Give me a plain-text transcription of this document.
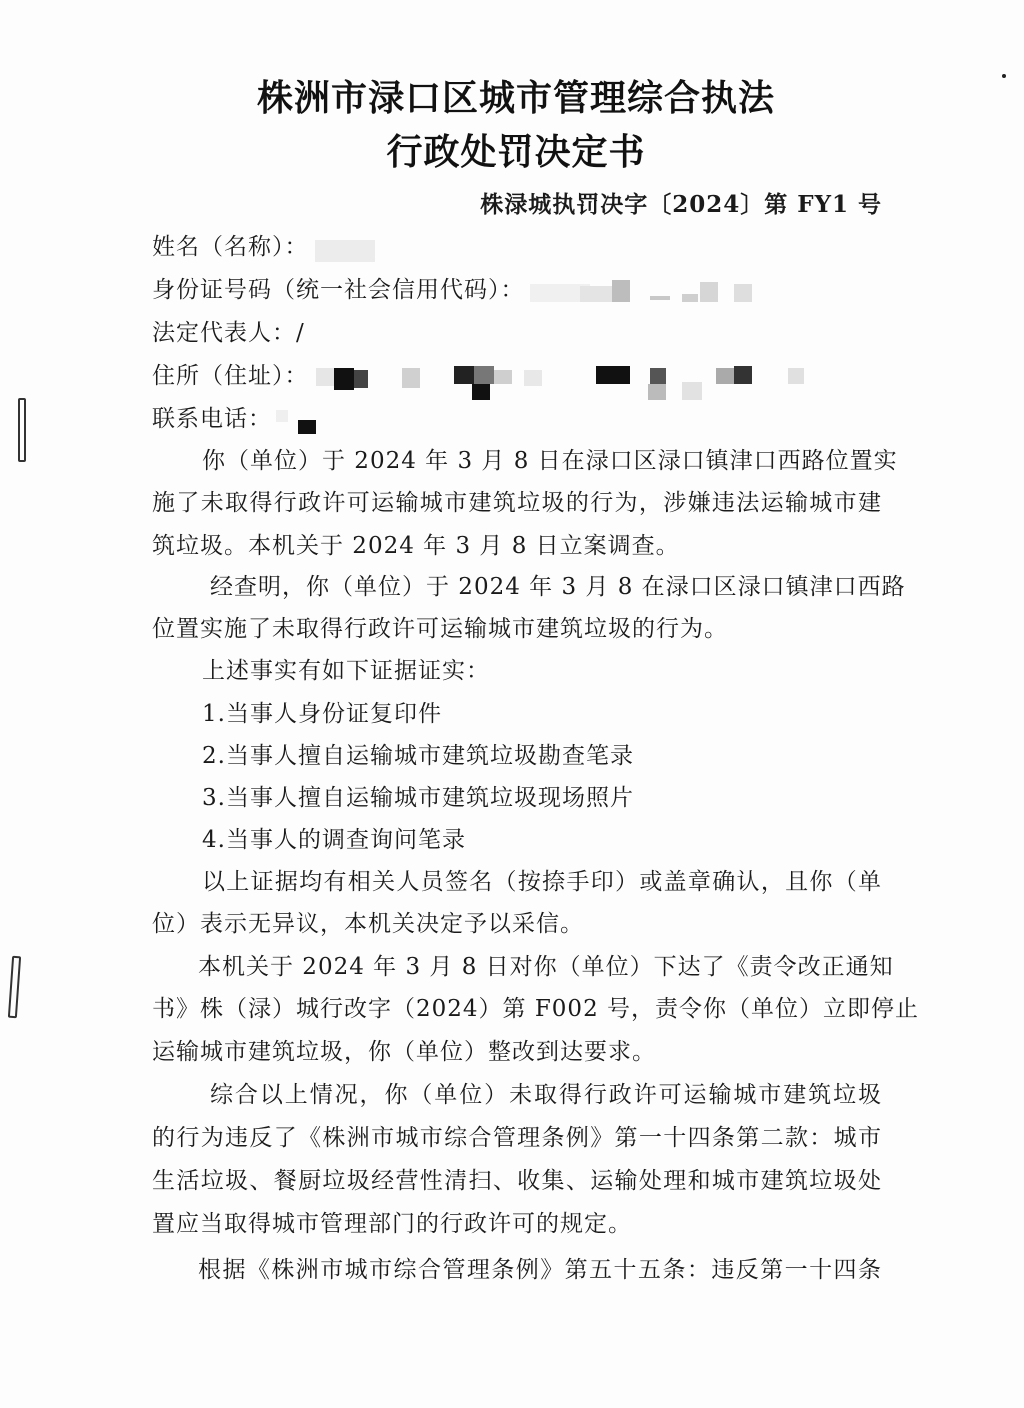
株洲市渌口区城市管理综合执法
行政处罚决定书
株渌城执罚决字〔2024〕第 FY1 号
姓名（名称）：
身份证号码（统一社会信用代码）：
法定代表人：/
住所（住址）：
联系电话：
你（单位）于 2024 年 3 月 8 日在渌口区渌口镇津口西路位置实
施了未取得行政许可运输城市建筑垃圾的行为，涉嫌违法运输城市建
筑垃圾。本机关于 2024 年 3 月 8 日立案调查。
经查明，你（单位）于 2024 年 3 月 8 在渌口区渌口镇津口西路
位置实施了未取得行政许可运输城市建筑垃圾的行为。
上述事实有如下证据证实：
1.当事人身份证复印件
2.当事人擅自运输城市建筑垃圾勘查笔录
3.当事人擅自运输城市建筑垃圾现场照片
4.当事人的调查询问笔录
以上证据均有相关人员签名（按捺手印）或盖章确认，且你（单
位）表示无异议，本机关决定予以采信。
本机关于 2024 年 3 月 8 日对你（单位）下达了《责令改正通知
书》株（渌）城行改字（2024）第 F002 号，责令你（单位）立即停止
运输城市建筑垃圾，你（单位）整改到达要求。
综合以上情况，你（单位）未取得行政许可运输城市建筑垃圾
的行为违反了《株洲市城市综合管理条例》第一十四条第二款：城市
生活垃圾、餐厨垃圾经营性清扫、收集、运输处理和城市建筑垃圾处
置应当取得城市管理部门的行政许可的规定。
根据《株洲市城市综合管理条例》第五十五条：违反第一十四条
